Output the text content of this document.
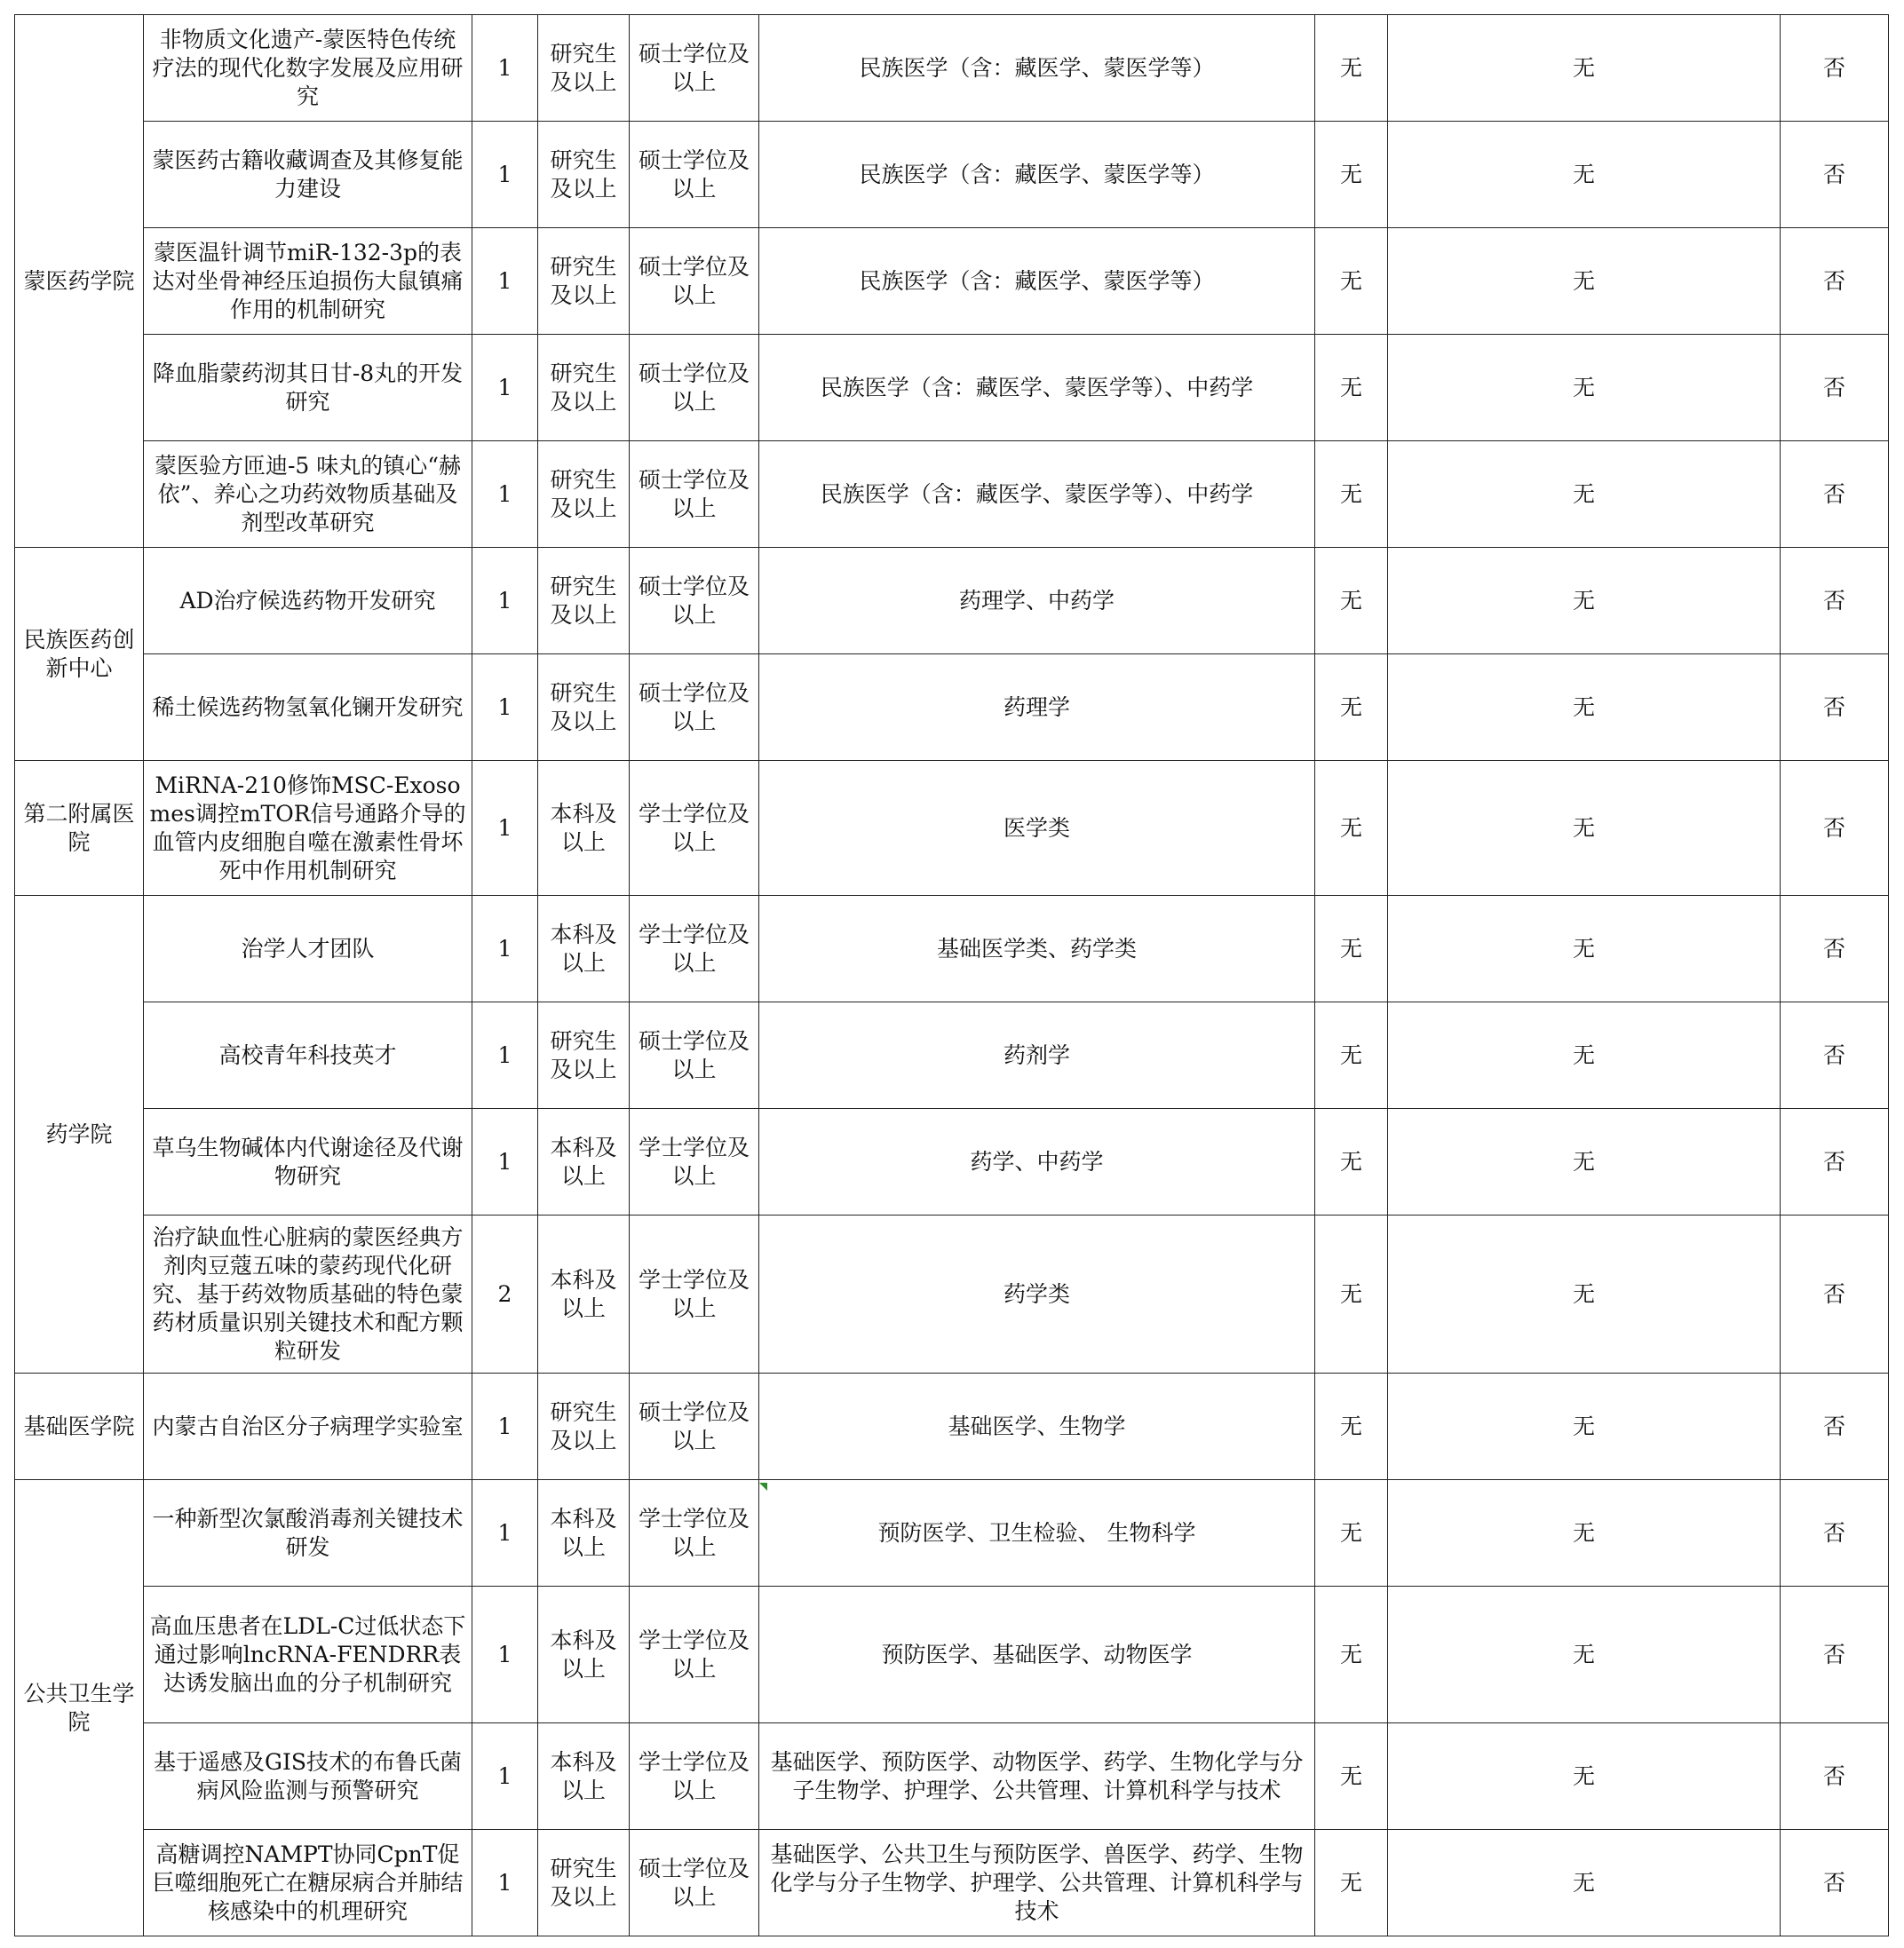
蒙医药学院	非物质文化遗产-蒙医特色传统疗法的现代化数字发展及应用研究	1	研究生及以上	硕士学位及以上	民族医学（含：藏医学、蒙医学等）	无	无	否
	蒙医药古籍收藏调查及其修复能力建设	1	研究生及以上	硕士学位及以上	民族医学（含：藏医学、蒙医学等）	无	无	否
	蒙医温针调节miR-132-3p的表达对坐骨神经压迫损伤大鼠镇痛作用的机制研究	1	研究生及以上	硕士学位及以上	民族医学（含：藏医学、蒙医学等）	无	无	否
	降血脂蒙药沏其日甘-8丸的开发研究	1	研究生及以上	硕士学位及以上	民族医学（含：藏医学、蒙医学等）、中药学	无	无	否
	蒙医验方匝迪-5 味丸的镇心“赫依”、养心之功药效物质基础及剂型改革研究	1	研究生及以上	硕士学位及以上	民族医学（含：藏医学、蒙医学等）、中药学	无	无	否
民族医药创新中心	AD治疗候选药物开发研究	1	研究生及以上	硕士学位及以上	药理学、中药学	无	无	否
	稀土候选药物氢氧化镧开发研究	1	研究生及以上	硕士学位及以上	药理学	无	无	否
第二附属医院	MiRNA-210修饰MSC-Exosomes调控mTOR信号通路介导的血管内皮细胞自噬在激素性骨坏死中作用机制研究	1	本科及以上	学士学位及以上	医学类	无	无	否
药学院	治学人才团队	1	本科及以上	学士学位及以上	基础医学类、药学类	无	无	否
	高校青年科技英才	1	研究生及以上	硕士学位及以上	药剂学	无	无	否
	草乌生物碱体内代谢途径及代谢物研究	1	本科及以上	学士学位及以上	药学、中药学	无	无	否
	治疗缺血性心脏病的蒙医经典方剂肉豆蔻五味的蒙药现代化研究、基于药效物质基础的特色蒙药材质量识别关键技术和配方颗粒研发	2	本科及以上	学士学位及以上	药学类	无	无	否
基础医学院	内蒙古自治区分子病理学实验室	1	研究生及以上	硕士学位及以上	基础医学、生物学	无	无	否
公共卫生学院	一种新型次氯酸消毒剂关键技术研发	1	本科及以上	学士学位及以上	预防医学、卫生检验、 生物科学	无	无	否
	高血压患者在LDL-C过低状态下通过影响lncRNA-FENDRR表达诱发脑出血的分子机制研究	1	本科及以上	学士学位及以上	预防医学、基础医学、动物医学	无	无	否
	基于遥感及GIS技术的布鲁氏菌病风险监测与预警研究	1	本科及以上	学士学位及以上	基础医学、预防医学、动物医学、药学、生物化学与分子生物学、护理学、公共管理、计算机科学与技术	无	无	否
	高糖调控NAMPT协同CpnT促巨噬细胞死亡在糖尿病合并肺结核感染中的机理研究	1	研究生及以上	硕士学位及以上	基础医学、公共卫生与预防医学、兽医学、药学、生物化学与分子生物学、护理学、公共管理、计算机科学与技术	无	无	否
